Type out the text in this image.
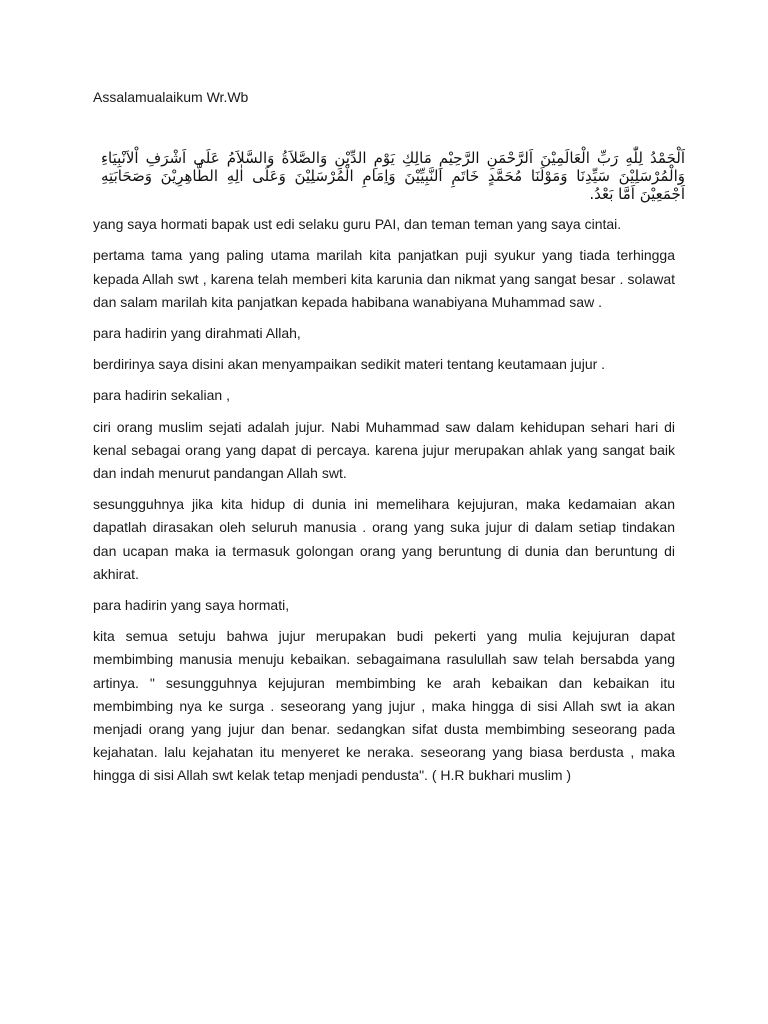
Assalamualaikum Wr.Wb

اَلْحَمْدُ لِلّٰهِ رَبِّ الْعَالَمِيْنَ اَلرَّحْمَنِ الرَّحِيْمِ مَالِكِ يَوْمِ الدِّيْنِ وَالصَّلاَةُ وَالسَّلاَمُ عَلَى اَشْرَفِ اْلاَنْبِيَاءِ وَالْمُرْسَلِيْنَ سَيِّدِنَا وَمَوْلَنَا مُحَمَّدٍ خَاتَمِ النَّبِيِّيْنَ وَاِمَامِ الْمُرْسَلِيْنَ وَعَلَى اٰلِهِ الطَّاهِرِيْنَ وَصَحَابَتِهِ اَجْمَعِيْنَ اَمَّا بَعْدُ.

yang saya hormati bapak ust edi selaku guru PAI, dan teman teman yang saya cintai.

pertama tama yang paling utama marilah kita panjatkan puji syukur yang tiada terhingga kepada Allah swt , karena telah memberi kita karunia dan nikmat yang sangat besar . solawat dan salam marilah kita panjatkan kepada habibana wanabiyana Muhammad saw .

para hadirin yang dirahmati Allah,

berdirinya saya disini akan menyampaikan sedikit materi tentang keutamaan jujur .

para hadirin sekalian ,

ciri orang muslim sejati adalah jujur. Nabi Muhammad saw dalam kehidupan sehari hari di kenal sebagai orang yang dapat di percaya. karena jujur merupakan ahlak yang sangat baik dan indah menurut pandangan Allah swt.

sesungguhnya jika kita hidup di dunia ini memelihara kejujuran, maka kedamaian akan dapatlah dirasakan oleh seluruh manusia . orang yang suka jujur di dalam setiap tindakan dan ucapan maka ia termasuk golongan orang yang beruntung di dunia dan beruntung di akhirat.

para hadirin yang saya hormati,

kita semua setuju bahwa jujur merupakan budi pekerti yang mulia kejujuran dapat membimbing manusia menuju kebaikan. sebagaimana rasulullah saw telah bersabda yang artinya. " sesungguhnya kejujuran membimbing ke arah kebaikan dan kebaikan itu membimbing nya ke surga . seseorang yang jujur , maka hingga di sisi Allah swt ia akan menjadi orang yang jujur dan benar. sedangkan sifat dusta membimbing seseorang pada kejahatan. lalu kejahatan itu menyeret ke neraka. seseorang yang biasa berdusta , maka hingga di sisi Allah swt kelak tetap menjadi pendusta". ( H.R bukhari muslim )
